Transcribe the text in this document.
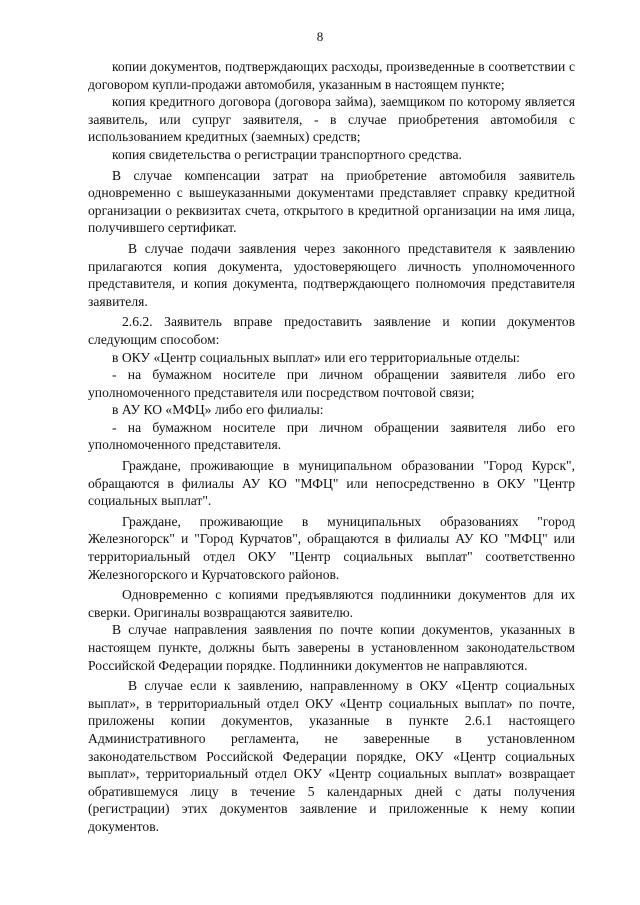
8

копии документов, подтверждающих расходы, произведенные в соответствии с договором купли-продажи автомобиля, указанным в настоящем пункте;

копия кредитного договора (договора займа), заемщиком по которому является заявитель, или супруг заявителя, - в случае приобретения автомобиля с использованием кредитных (заемных) средств;

копия свидетельства о регистрации транспортного средства.

В случае компенсации затрат на приобретение автомобиля заявитель одновременно с вышеуказанными документами представляет справку кредитной организации о реквизитах счета, открытого в кредитной организации на имя лица, получившего сертификат.

В случае подачи заявления через законного представителя к заявлению прилагаются копия документа, удостоверяющего личность уполномоченного представителя, и копия документа, подтверждающего полномочия представителя заявителя.

2.6.2. Заявитель вправе предоставить заявление и копии документов следующим способом:

в ОКУ «Центр социальных выплат» или его территориальные отделы:

- на бумажном носителе при личном обращении заявителя либо его уполномоченного представителя или посредством почтовой связи;

в АУ КО «МФЦ» либо его филиалы:

- на бумажном носителе при личном обращении заявителя либо его уполномоченного представителя.

Граждане, проживающие в муниципальном образовании "Город Курск", обращаются в филиалы АУ КО "МФЦ" или непосредственно в ОКУ "Центр социальных выплат".

Граждане, проживающие в муниципальных образованиях "город Железногорск" и "Город Курчатов", обращаются в филиалы АУ КО "МФЦ" или территориальный отдел ОКУ "Центр социальных выплат" соответственно Железногорского и Курчатовского районов.

Одновременно с копиями предъявляются подлинники документов для их сверки. Оригиналы возвращаются заявителю.

В случае направления заявления по почте копии документов, указанных в настоящем пункте, должны быть заверены в установленном законодательством Российской Федерации порядке. Подлинники документов не направляются.

В случае если к заявлению, направленному в ОКУ «Центр социальных выплат», в территориальный отдел ОКУ «Центр социальных выплат» по почте, приложены копии документов, указанные в пункте 2.6.1 настоящего Административного регламента, не заверенные в установленном законодательством Российской Федерации порядке, ОКУ «Центр социальных выплат», территориальный отдел ОКУ «Центр социальных выплат» возвращает обратившемуся лицу в течение 5 календарных дней с даты получения (регистрации) этих документов заявление и приложенные к нему копии документов.
